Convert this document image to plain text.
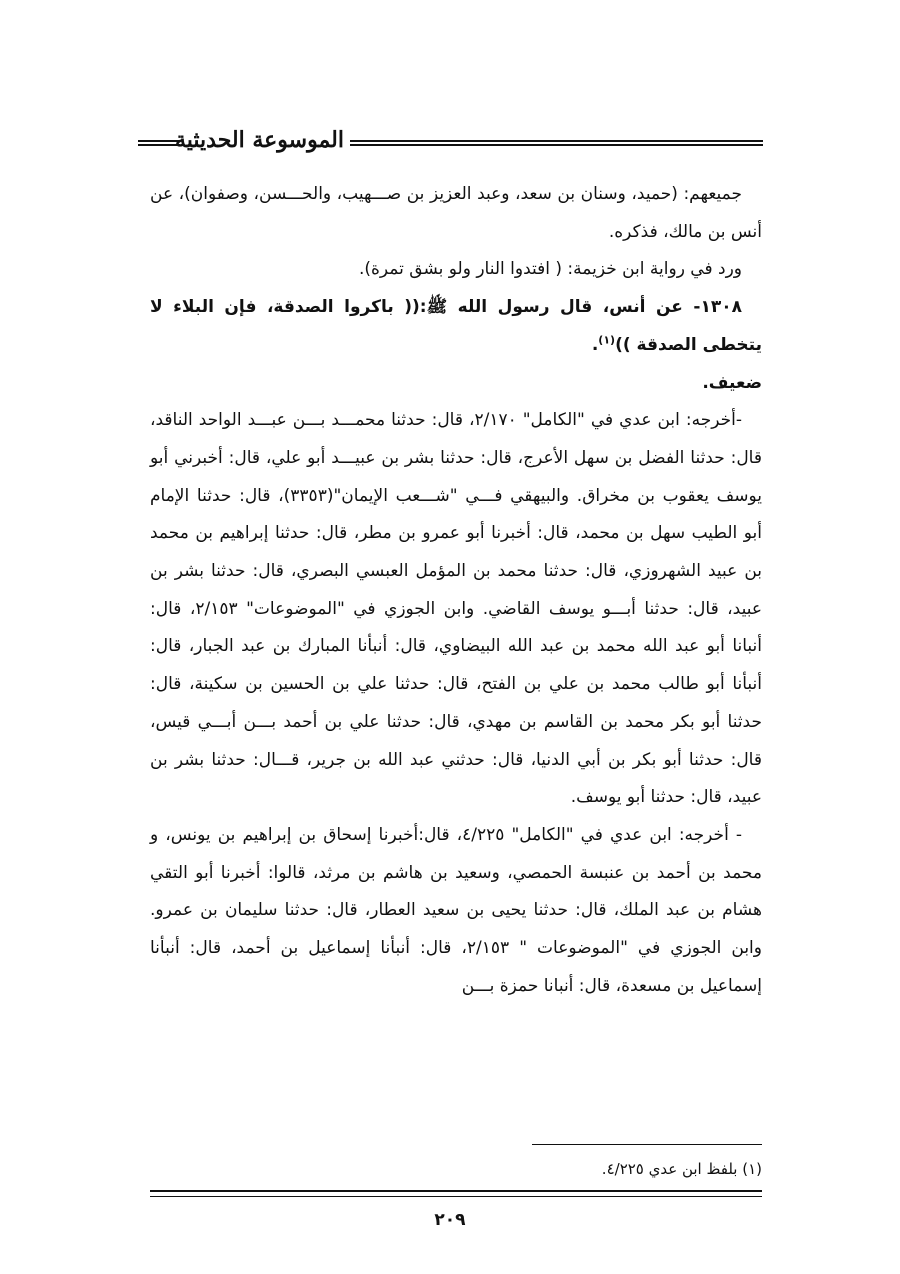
الموسوعة الحديثية

جميعهم: (حميد، وسنان بن سعد، وعبد العزيز بن صـــهيب، والحـــسن، وصفوان)، عن أنس بن مالك، فذكره.

ورد في رواية ابن خزيمة: ( افتدوا النار ولو بشق تمرة).

١٣٠٨- عن أنس، قال رسول الله ﷺ:(( باكروا الصدقة، فإن البلاء لا يتخطى الصدقة ))$^{(١)}$.

ضعيف.

-أخرجه: ابن عدي في "الكامل" ٢/١٧٠، قال: حدثنا محمـــد بـــن عبـــد الواحد الناقد، قال: حدثنا الفضل بن سهل الأعرج، قال: حدثنا بشر بن عبيـــد أبو علي، قال: أخبرني أبو يوسف يعقوب بن مخراق. والبيهقي فـــي "شـــعب الإيمان"(٣٣٥٣)، قال: حدثنا الإمام أبو الطيب سهل بن محمد، قال: أخبرنا أبو عمرو بن مطر، قال: حدثنا إبراهيم بن محمد بن عبيد الشهروزي، قال: حدثنا محمد بن المؤمل العبسي البصري، قال: حدثنا بشر بن عبيد، قال: حدثنا أبـــو يوسف القاضي. وابن الجوزي في "الموضوعات" ٢/١٥٣، قال: أنبانا أبو عبد الله محمد بن عبد الله البيضاوي، قال: أنبأنا المبارك بن عبد الجبار، قال: أنبأنا أبو طالب محمد بن علي بن الفتح، قال: حدثنا علي بن الحسين بن سكينة، قال: حدثنا أبو بكر محمد بن القاسم بن مهدي، قال: حدثنا علي بن أحمد بـــن أبـــي قيس، قال: حدثنا أبو بكر بن أبي الدنيا، قال: حدثني عبد الله بن جرير، قـــال: حدثنا بشر بن عبيد، قال: حدثنا أبو يوسف.

- أخرجه: ابن عدي في "الكامل" ٤/٢٢٥، قال:أخبرنا إسحاق بن إبراهيم بن يونس، و محمد بن أحمد بن عنبسة الحمصي، وسعيد بن هاشم بن مرثد، قالوا: أخبرنا أبو التقي هشام بن عبد الملك، قال: حدثنا يحيى بن سعيد العطار، قال: حدثنا سليمان بن عمرو. وابن الجوزي في "الموضوعات " ٢/١٥٣، قال: أنبأنا إسماعيل بن أحمد، قال: أنبأنا إسماعيل بن مسعدة، قال: أنبانا حمزة بـــن

(١) بلفظ ابن عدي ٤/٢٢٥.
٢٠٩
